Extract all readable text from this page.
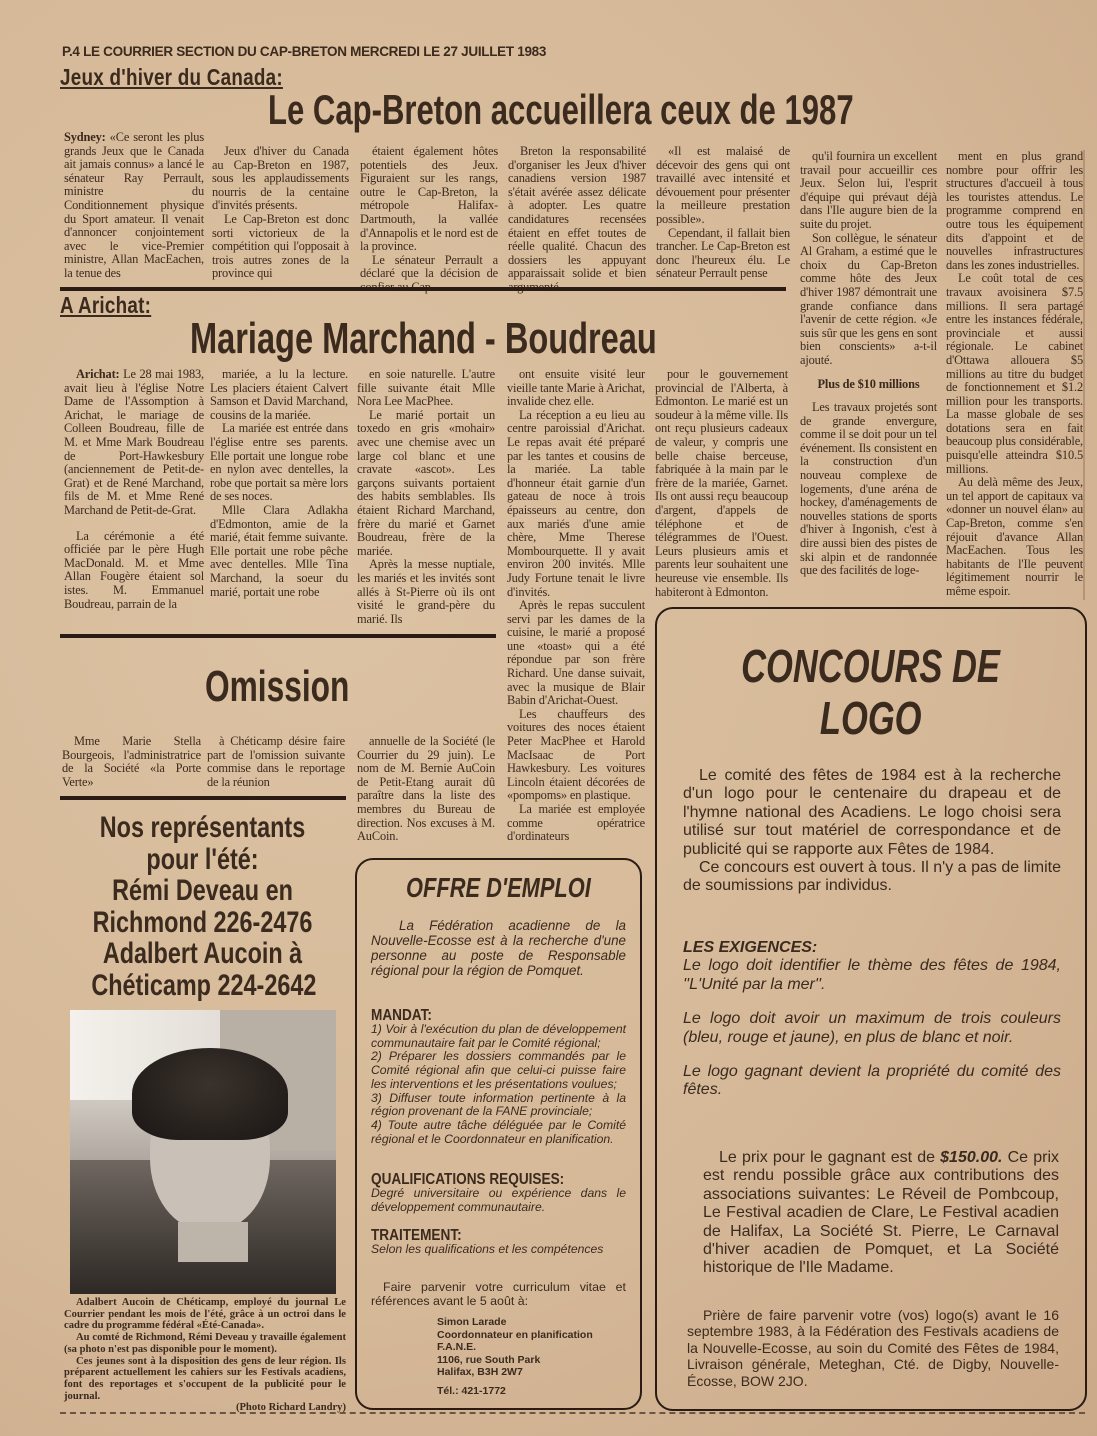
P.4 LE COURRIER SECTION DU CAP-BRETON MERCREDI LE 27 JUILLET 1983
Jeux d'hiver du Canada:
Le Cap-Breton accueillera ceux de 1987

Sydney: «Ce seront les plus grands Jeux que le Canada ait jamais connus» a lancé le sénateur Ray Perrault, ministre du Conditionnement physique du Sport amateur. Il venait d'annoncer conjointement avec le vice-Premier ministre, Allan MacEachen, la tenue des

Jeux d'hiver du Canada au Cap-Breton en 1987, sous les applaudissements nourris de la centaine d'invités présents.

Le Cap-Breton est donc sorti victorieux de la compétition qui l'opposait à trois autres zones de la province qui

étaient également hôtes potentiels des Jeux. Figuraient sur les rangs, outre le Cap-Breton, la métropole Halifax-Dartmouth, la vallée d'Annapolis et le nord est de la province.

Le sénateur Perrault a déclaré que la décision de

Breton la responsabilité d'organiser les Jeux d'hiver canadiens version 1987 s'était avérée assez délicate à adopter. Les quatre candidatures recensées étaient en effet toutes de réelle qualité. Chacun des dossiers les appuyant apparaissait solide et bien

«Il est malaisé de décevoir des gens qui ont travaillé avec intensité et dévouement pour présenter la meilleure prestation possible».

Cependant, il fallait bien trancher. Le Cap-Breton est donc l'heureux élu. Le sénateur Perrault pense

qu'il fournira un excellent travail pour accueillir ces Jeux. Selon lui, l'esprit d'équipe qui prévaut déjà dans l'Ile augure bien de la suite du projet.

Son collègue, le sénateur Al Graham, a estimé que le choix du Cap-Breton comme hôte des Jeux d'hiver 1987 démontrait une grande confiance dans l'avenir de cette région. «Je suis sûr que les gens en sont bien conscients» a-t-il ajouté.

Plus de $10 millions

Les travaux projetés sont de grande envergure, comme il se doit pour un tel événement. Ils consistent en la construction d'un nouveau complexe de logements, d'une aréna de hockey, d'aménagements de nouvelles stations de sports d'hiver à Ingonish, c'est à dire aussi bien des pistes de ski alpin et de randonnée que des facilités de loge-

ment en plus grand nombre pour offrir les structures d'accueil à tous les touristes attendus. Le programme comprend en outre tous les équipement dits d'appoint et de nouvelles infrastructures dans les zones industrielles.

Le coût total de ces travaux avoisinera $7.5 millions. Il sera partagé entre les instances fédérale, provinciale et aussi régionale. Le cabinet d'Ottawa allouera $5 millions au titre du budget de fonctionnement et $1.2 million pour les transports. La masse globale de ses dotations sera en fait beaucoup plus considérable, puisqu'elle atteindra $10.5 millions.

Au delà même des Jeux, un tel apport de capitaux va «donner un nouvel élan» au Cap-Breton, comme s'en réjouit d'avance Allan MacEachen. Tous les habitants de l'Ile peuvent légitimement nourrir le même espoir.

A Arichat:
Mariage Marchand - Boudreau

Arichat: Le 28 mai 1983, avait lieu à l'église Notre Dame de l'Assomption à Arichat, le mariage de Colleen Boudreau, fille de M. et Mme Mark Boudreau de Port-Hawkesbury (anciennement de Petit-de-Grat) et de René Marchand, fils de M. et Mme René Marchand de Petit-de-Grat.

La cérémonie a été officiée par le père Hugh MacDonald. M. et Mme Allan Fougère étaient sol istes. M. Emmanuel Boudreau, parrain de la

mariée, a lu la lecture. Les placiers étaient Calvert Samson et David Marchand, cousins de la mariée.

La mariée est entrée dans l'église entre ses parents. Elle portait une longue robe en nylon avec dentelles, la robe que portait sa mère lors de ses noces.

Mlle Clara Adlakha d'Edmonton, amie de la marié, était femme suivante. Elle portait une robe pêche avec dentelles. Mlle Tina Marchand, la soeur du marié, portait une robe

en soie naturelle. L'autre fille suivante était Mlle Nora Lee MacPhee.

Le marié portait un toxedo en gris «mohair» avec une chemise avec un large col blanc et une cravate «ascot». Les garçons suivants portaient des habits semblables. Ils étaient Richard Marchand, frère du marié et Garnet Boudreau, frère de la mariée.

Après la messe nuptiale, les mariés et les invités sont allés à St-Pierre où ils ont visité le grand-père du marié. Ils

ont ensuite visité leur vieille tante Marie à Arichat, invalide chez elle.

La réception a eu lieu au centre paroissial d'Arichat. Le repas avait été préparé par les tantes et cousins de la mariée. La table d'honneur était garnie d'un gateau de noce à trois épaisseurs au centre, don aux mariés d'une amie chère, Mme Therese Mombourquette. Il y avait environ 200 invités. Mlle Judy Fortune tenait le livre d'invités.

Après le repas succulent servi par les dames de la cuisine, le marié a proposé une «toast» qui a été répondue par son frère Richard. Une danse suivait, avec la musique de Blair Babin d'Arichat-Ouest.

Les chauffeurs des voitures des noces étaient Peter MacPhee et Harold MacIsaac de Port Hawkesbury. Les voitures Lincoln étaient décorées de «pompoms» en plastique.

La mariée est employée comme opératrice d'ordinateurs

pour le gouvernement provincial de l'Alberta, à Edmonton. Le marié est un soudeur à la même ville. Ils ont reçu plusieurs cadeaux de valeur, y compris une belle chaise berceuse, fabriquée à la main par le frère de la mariée, Garnet. Ils ont aussi reçu beaucoup d'argent, d'appels de téléphone et de télégrammes de l'Ouest. Leurs plusieurs amis et parents leur souhaitent une heureuse vie ensemble. Ils habiteront à Edmonton.

Omission

Mme Marie Stella Bourgeois, l'administratrice de la Société «la Porte Verte»

à Chéticamp désire faire part de l'omission suivante commise dans le reportage de la réunion

annuelle de la Société (le Courrier du 29 juin). Le nom de M. Bernie AuCoin de Petit-Etang aurait dû paraître dans la liste des membres du Bureau de direction. Nos excuses à M. AuCoin.

Nos représentants
pour l'été:
Rémi Deveau en
Richmond 226-2476
Adalbert Aucoin à
Chéticamp 224-2642

Adalbert Aucoin de Chéticamp, employé du journal Le Courrier pendant les mois de l'été, grâce à un octroi dans le cadre du programme fédéral «Été-Canada».

Au comté de Richmond, Rémi Deveau y travaille également (sa photo n'est pas disponible pour le moment).

Ces jeunes sont à la disposition des gens de leur région. Ils préparent actuellement les cahiers sur les Festivals acadiens, font des reportages et s'occupent de la publicité pour le journal.

(Photo Richard Landry)
OFFRE D'EMPLOI
La Fédération acadienne de la Nouvelle-Ecosse est à la recherche d'une personne au poste de Responsable régional pour la région de Pomquet.
MANDAT:
1) Voir à l'exécution du plan de développement communautaire fait par le Comité régional;
2) Préparer les dossiers commandés par le Comité régional afin que celui-ci puisse faire les interventions et les présentations voulues;
3) Diffuser toute information pertinente à la région provenant de la FANE provinciale;
4) Toute autre tâche déléguée par le Comité régional et le Coordonnateur en planification.
QUALIFICATIONS REQUISES:
Degré universitaire ou expérience dans le développement communautaire.
TRAITEMENT:
Selon les qualifications et les compétences
Faire parvenir votre curriculum vitae et références avant le 5 août à:
Simon Larade
Coordonnateur en planification
F.A.N.E.
1106, rue South Park
Halifax, B3H 2W7
Tél.: 421-1772
CONCOURS DE
LOGO

Le comité des fêtes de 1984 est à la recherche d'un logo pour le centenaire du drapeau et de l'hymne national des Acadiens. Le logo choisi sera utilisé sur tout matériel de correspondance et de publicité qui se rapporte aux Fêtes de 1984.

Ce concours est ouvert à tous. Il n'y a pas de limite de soumissions par individus.

LES EXIGENCES:

Le logo doit identifier le thème des fêtes de 1984, ''L'Unité par la mer''.

Le logo doit avoir un maximum de trois couleurs (bleu, rouge et jaune), en plus de blanc et noir.

Le logo gagnant devient la propriété du comité des fêtes.

Le prix pour le gagnant est de $150.00. Ce prix est rendu possible grâce aux contributions des associations suivantes: Le Réveil de Pombcoup, Le Festival acadien de Clare, Le Festival acadien de Halifax, La Société St. Pierre, Le Carnaval d'hiver acadien de Pomquet, et La Société historique de l'Ile Madame.

Prière de faire parvenir votre (vos) logo(s) avant le 16 septembre 1983, à la Fédération des Festivals acadiens de la Nouvelle-Ecosse, au soin du Comité des Fêtes de 1984, Livraison générale, Meteghan, Cté. de Digby, Nouvelle-Écosse, BOW 2JO.
